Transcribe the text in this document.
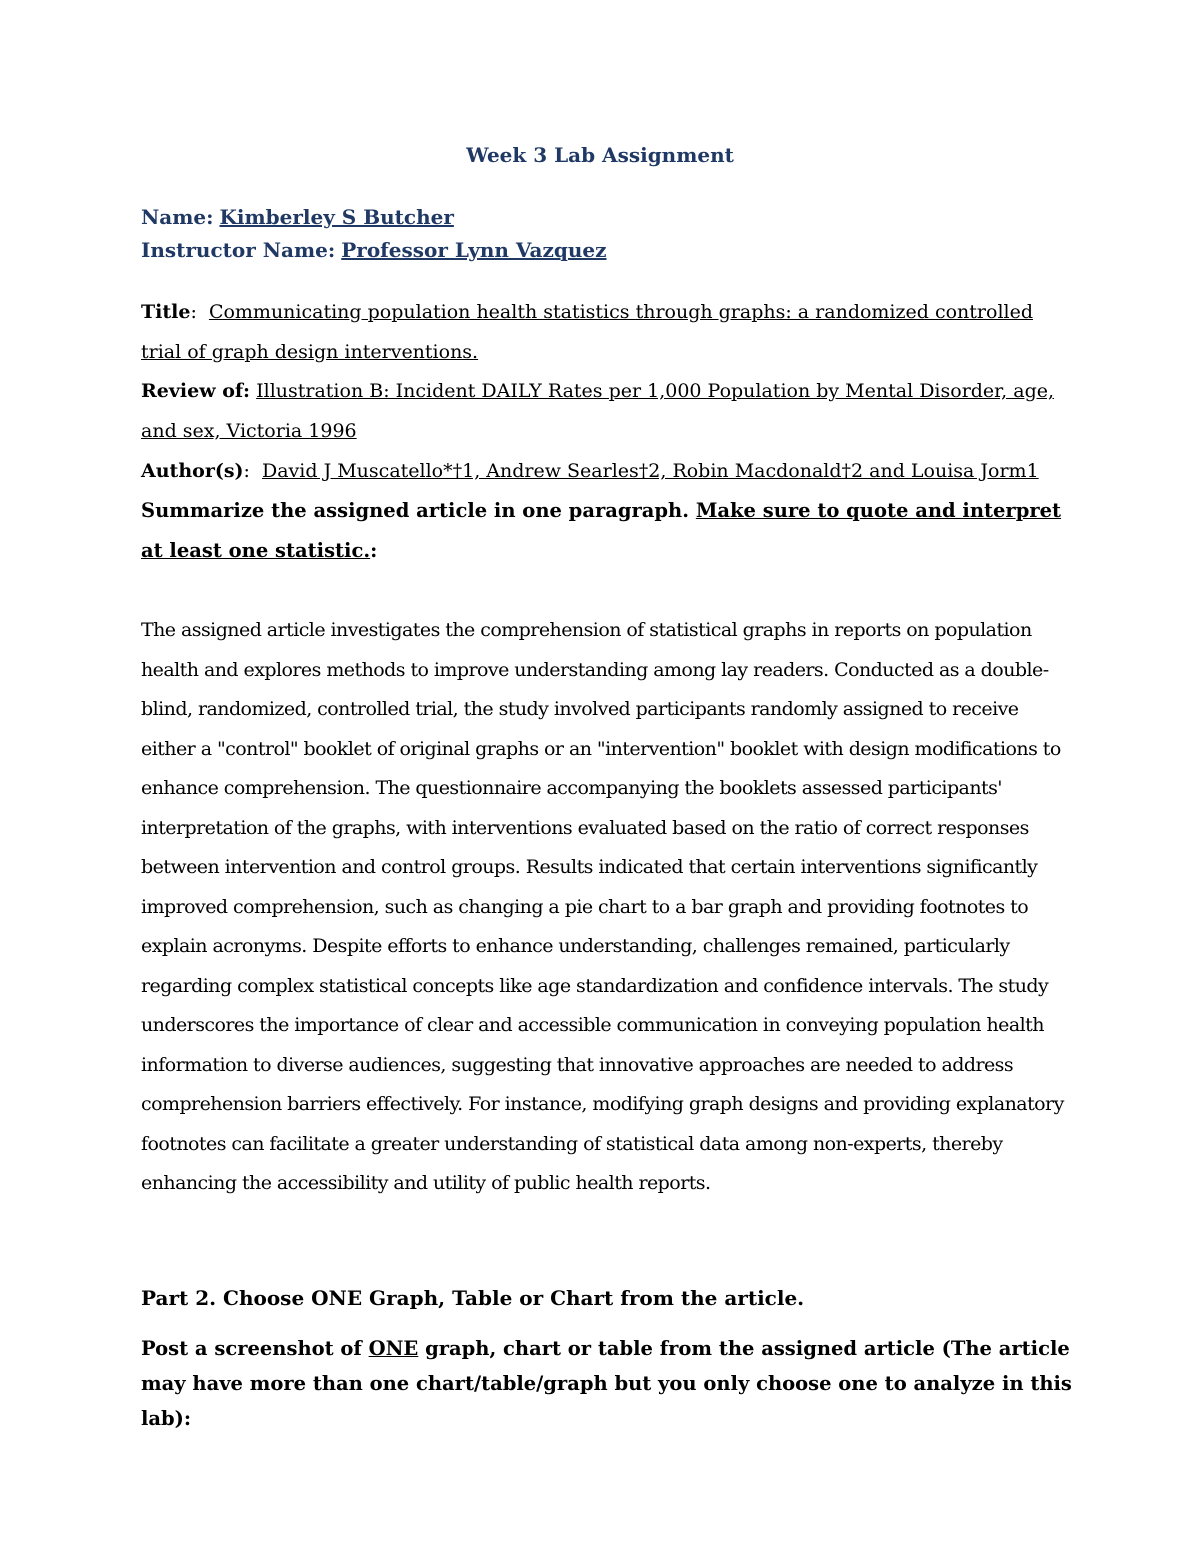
Week 3 Lab Assignment
Name: Kimberley S Butcher
Instructor Name: Professor Lynn Vazquez
Title:  Communicating population health statistics through graphs: a randomized controlled trial of graph design interventions.
Review of: Illustration B: Incident DAILY Rates per 1,000 Population by Mental Disorder, age, and sex, Victoria 1996
Author(s):  David J Muscatello*†1, Andrew Searles†2, Robin Macdonald†2 and Louisa Jorm1
Summarize the assigned article in one paragraph. Make sure to quote and interpret at least one statistic.:
The assigned article investigates the comprehension of statistical graphs in reports on population health and explores methods to improve understanding among lay readers. Conducted as a double-blind, randomized, controlled trial, the study involved participants randomly assigned to receive either a "control" booklet of original graphs or an "intervention" booklet with design modifications to enhance comprehension. The questionnaire accompanying the booklets assessed participants' interpretation of the graphs, with interventions evaluated based on the ratio of correct responses between intervention and control groups. Results indicated that certain interventions significantly improved comprehension, such as changing a pie chart to a bar graph and providing footnotes to explain acronyms. Despite efforts to enhance understanding, challenges remained, particularly regarding complex statistical concepts like age standardization and confidence intervals. The study underscores the importance of clear and accessible communication in conveying population health information to diverse audiences, suggesting that innovative approaches are needed to address comprehension barriers effectively. For instance, modifying graph designs and providing explanatory footnotes can facilitate a greater understanding of statistical data among non-experts, thereby enhancing the accessibility and utility of public health reports.
Part 2. Choose ONE Graph, Table or Chart from the article.
Post a screenshot of ONE graph, chart or table from the assigned article (The article may have more than one chart/table/graph but you only choose one to analyze in this lab):
